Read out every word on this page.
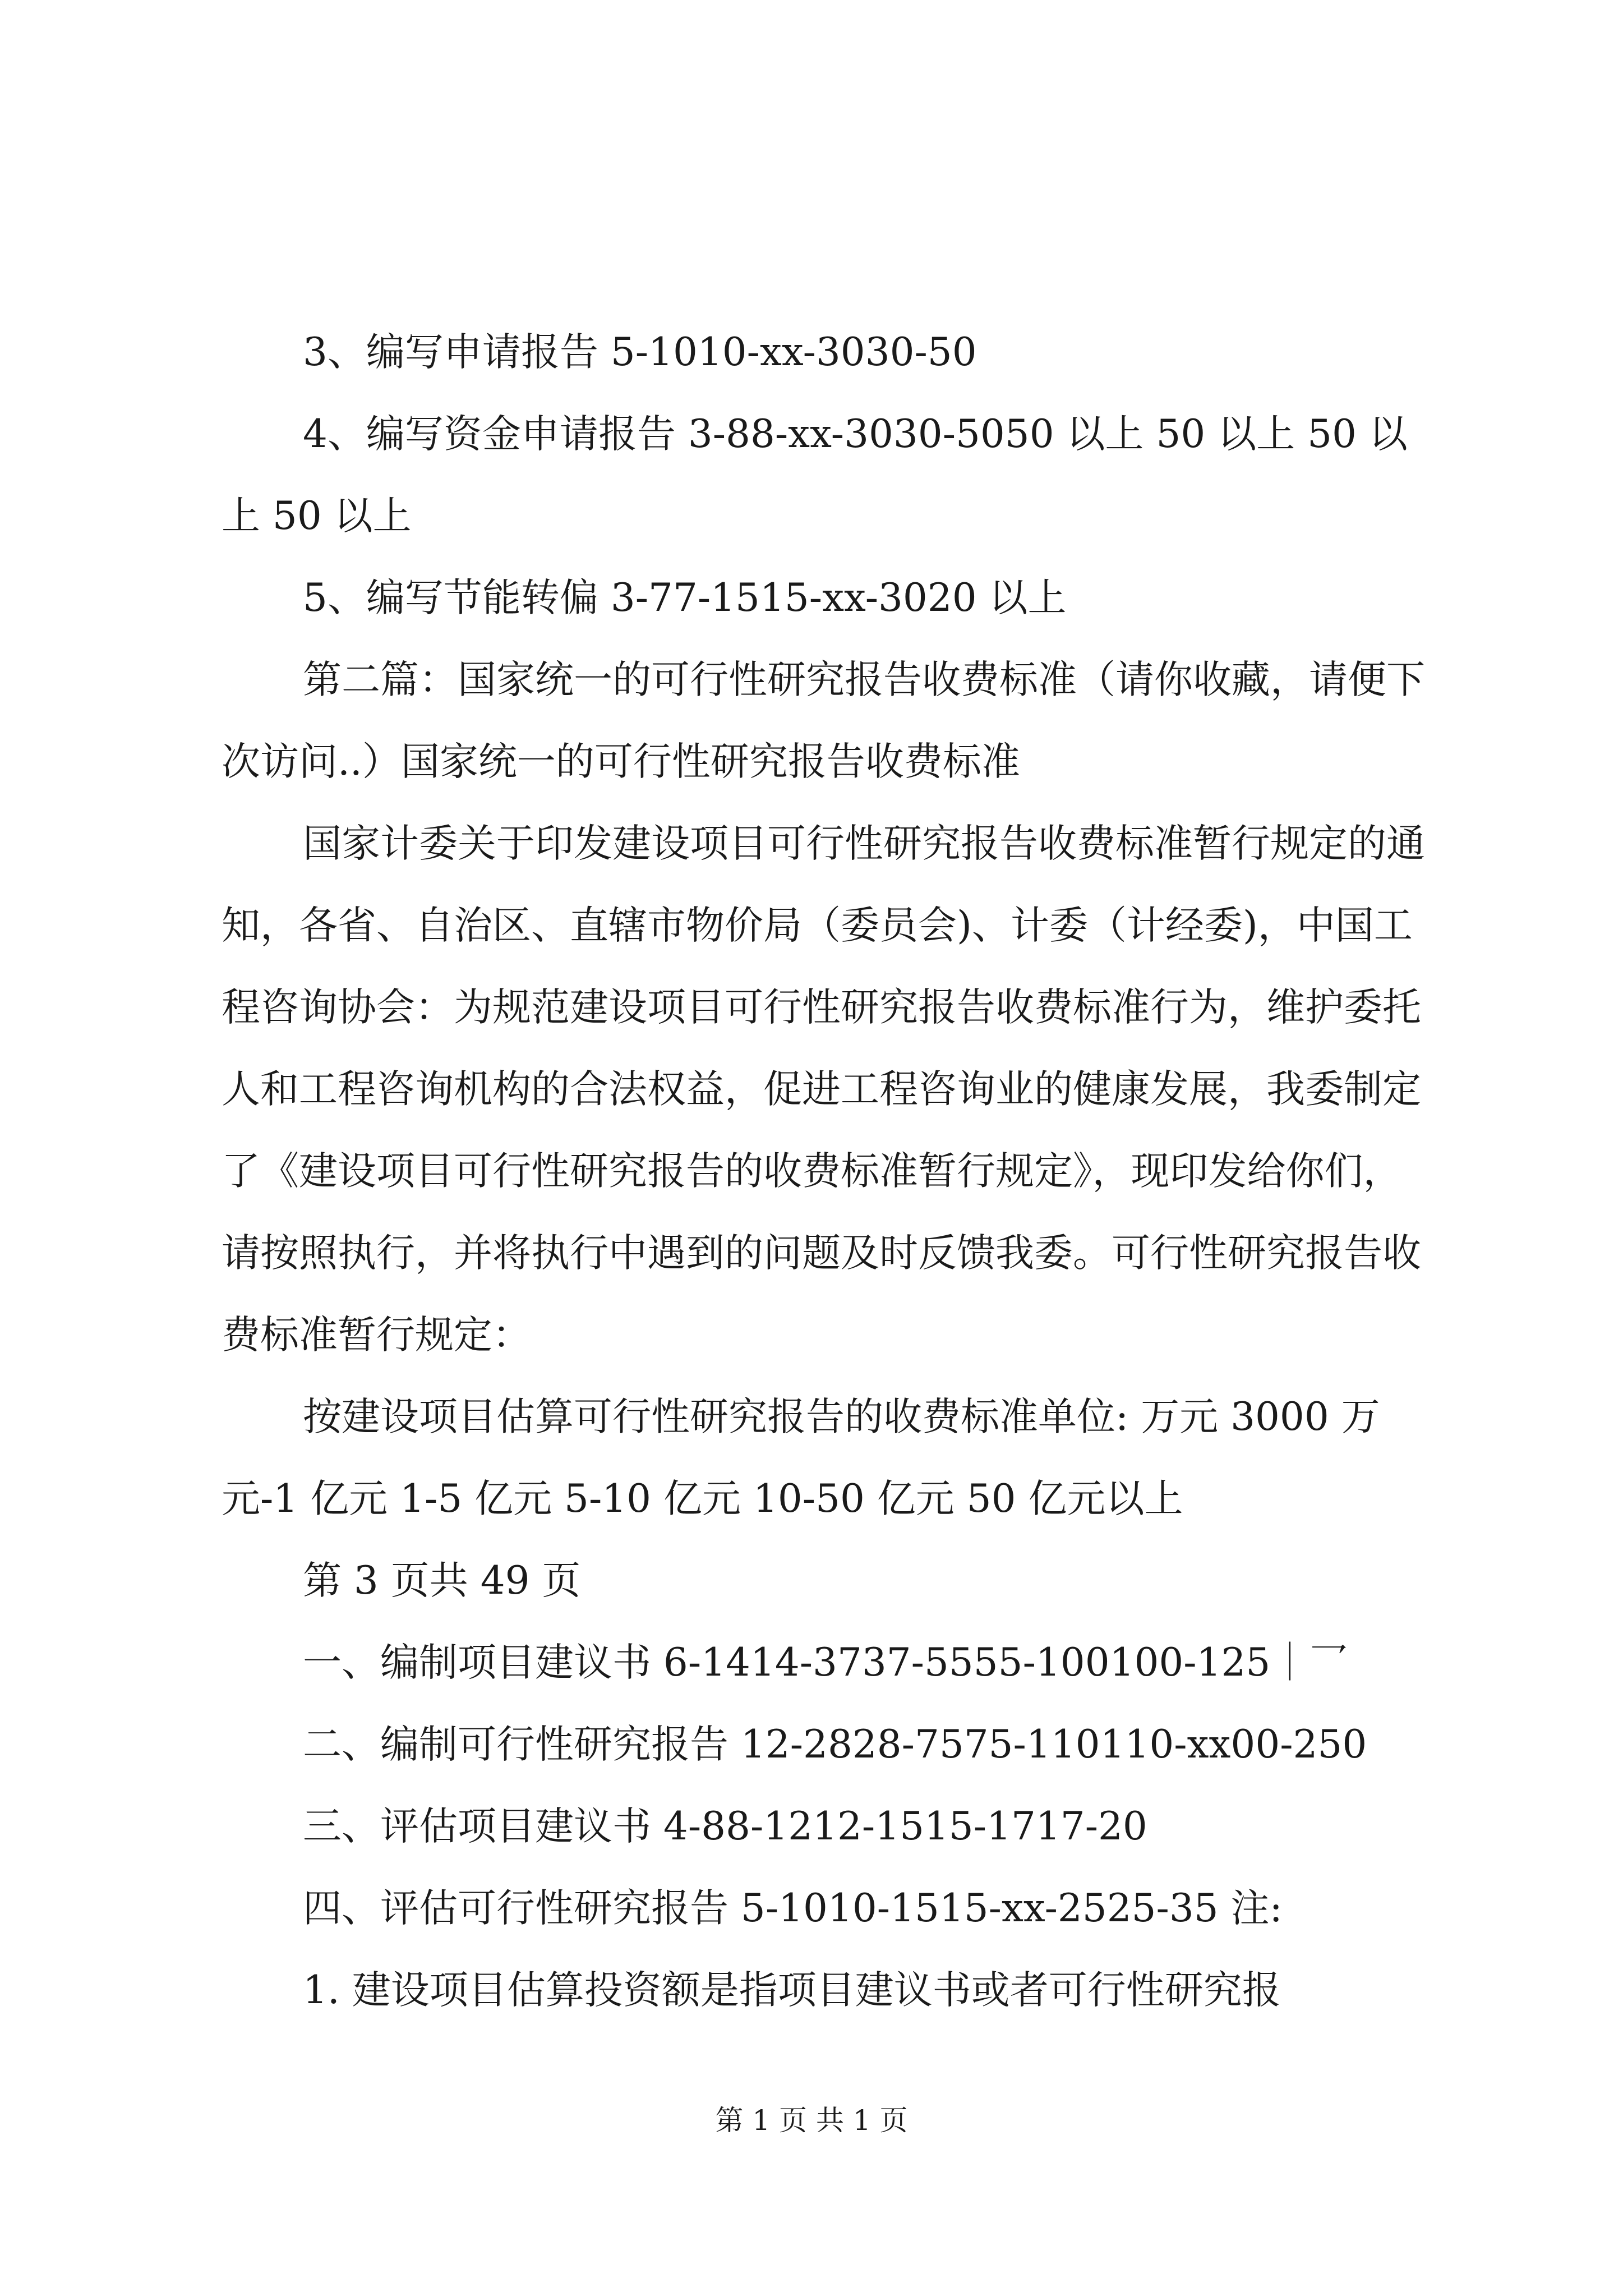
3、编写申请报告 5-1010-xx-3030-50

4、编写资金申请报告 3-88-xx-3030-5050 以上 50 以上 50 以上 50 以上

5、编写节能转偏 3-77-1515-xx-3020 以上

第二篇：国家统一的可行性研究报告收费标准（请你收藏，请便下次访问..）国家统一的可行性研究报告收费标准

国家计委关于印发建设项目可行性研究报告收费标准暂行规定的通知，各省、自治区、直辖市物价局（委员会)、计委（计经委)，中国工程咨询协会：为规范建设项目可行性研究报告收费标准行为，维护委托人和工程咨询机构的合法权益，促进工程咨询业的健康发展，我委制定了《建设项目可行性研究报告的收费标准暂行规定》，现印发给你们，请按照执行，并将执行中遇到的问题及时反馈我委。可行性研究报告收费标准暂行规定：

按建设项目估算可行性研究报告的收费标准单位: 万元 3000 万元-1 亿元 1-5 亿元 5-10 亿元 10-50 亿元 50 亿元以上

第 3 页共 49 页

一、编制项目建议书 6-1414-3737-5555-100100-125｜乛

二、编制可行性研究报告 12-2828-7575-110110-xx00-250

三、评估项目建议书 4-88-1212-1515-1717-20

四、评估可行性研究报告 5-1010-1515-xx-2525-35 注:

1. 建设项目估算投资额是指项目建议书或者可行性研究报

第 1 页 共 1 页
